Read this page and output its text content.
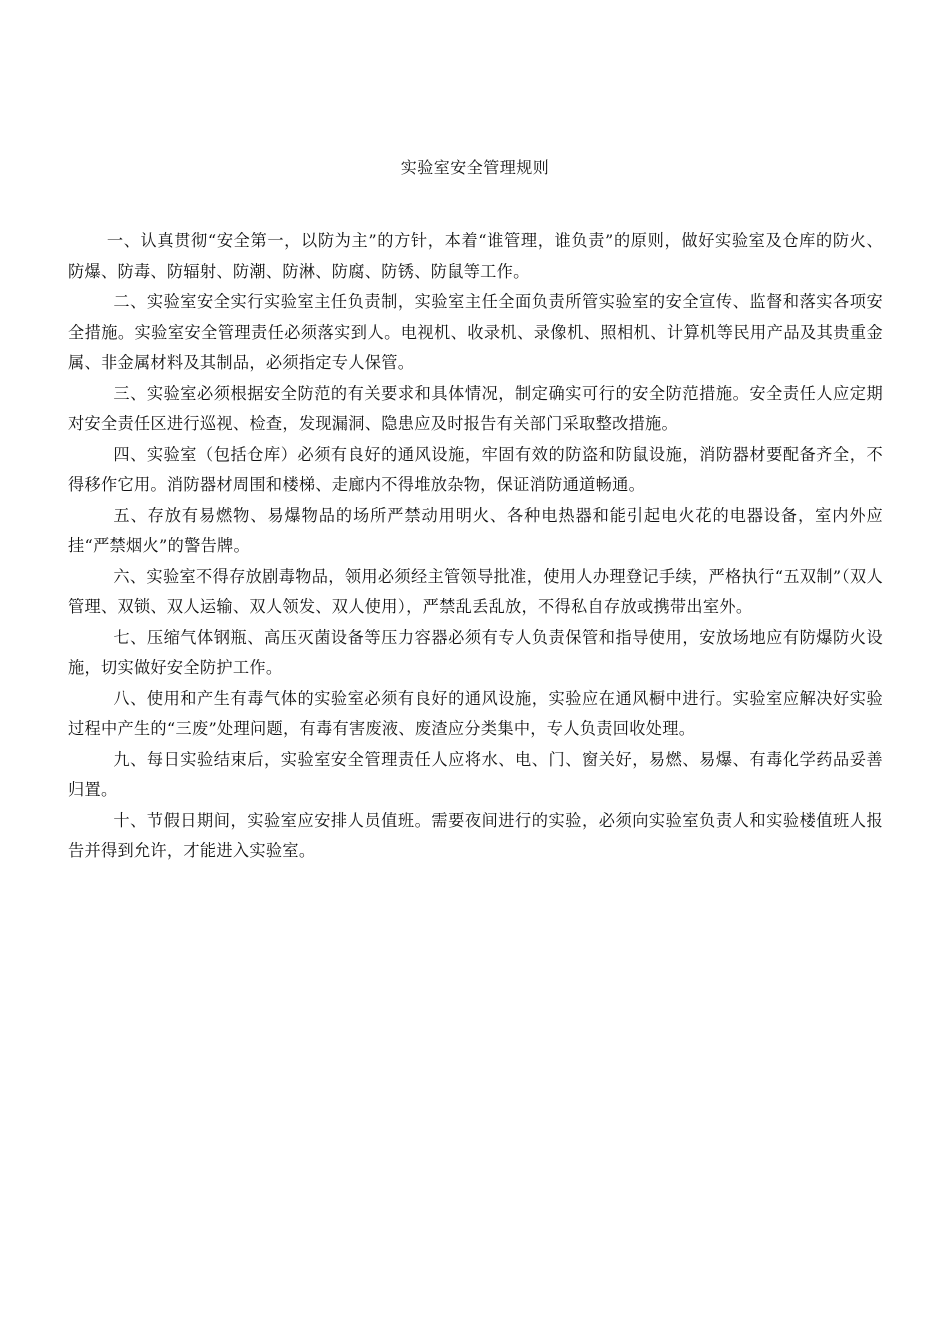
实验室安全管理规则

一、认真贯彻“安全第一，以防为主”的方针，本着“谁管理，谁负责”的原则，做好实验室及仓库的防火、防爆、防毒、防辐射、防潮、防淋、防腐、防锈、防鼠等工作。

二、实验室安全实行实验室主任负责制，实验室主任全面负责所管实验室的安全宣传、监督和落实各项安全措施。实验室安全管理责任必须落实到人。电视机、收录机、录像机、照相机、计算机等民用产品及其贵重金属、非金属材料及其制品，必须指定专人保管。

三、实验室必须根据安全防范的有关要求和具体情况，制定确实可行的安全防范措施。安全责任人应定期对安全责任区进行巡视、检查，发现漏洞、隐患应及时报告有关部门采取整改措施。

四、实验室（包括仓库）必须有良好的通风设施，牢固有效的防盗和防鼠设施，消防器材要配备齐全，不得移作它用。消防器材周围和楼梯、走廊内不得堆放杂物，保证消防通道畅通。

五、存放有易燃物、易爆物品的场所严禁动用明火、各种电热器和能引起电火花的电器设备，室内外应挂“严禁烟火”的警告牌。

六、实验室不得存放剧毒物品，领用必须经主管领导批准，使用人办理登记手续，严格执行“五双制”（双人管理、双锁、双人运输、双人领发、双人使用），严禁乱丢乱放，不得私自存放或携带出室外。

七、压缩气体钢瓶、高压灭菌设备等压力容器必须有专人负责保管和指导使用，安放场地应有防爆防火设施，切实做好安全防护工作。

八、使用和产生有毒气体的实验室必须有良好的通风设施，实验应在通风橱中进行。实验室应解决好实验过程中产生的“三废”处理问题，有毒有害废液、废渣应分类集中，专人负责回收处理。

九、每日实验结束后，实验室安全管理责任人应将水、电、门、窗关好，易燃、易爆、有毒化学药品妥善归置。

十、节假日期间，实验室应安排人员值班。需要夜间进行的实验，必须向实验室负责人和实验楼值班人报告并得到允许，才能进入实验室。
